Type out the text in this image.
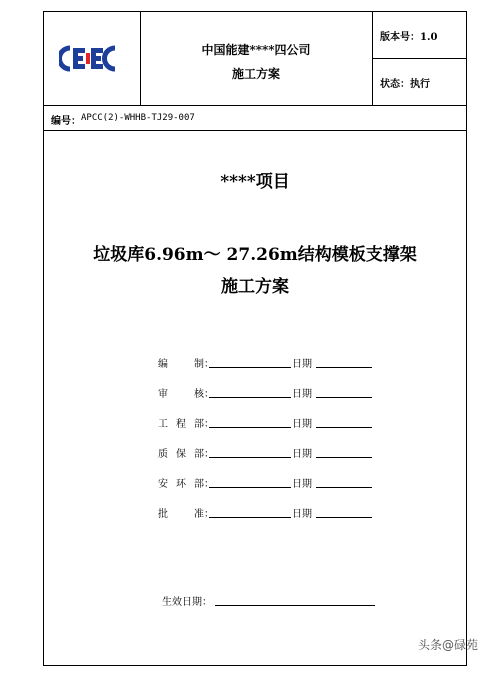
中国能建****四公司
施工方案
版本号：1.0
状态：执行
编号： APCC(2)-WHHB-TJ29-007
****项目
垃圾库6.96m～ 27.26m结构模板支撑架
施工方案
编制 ：	日期
审核 ：	日期
工程部 ：	日期
质保部 ：	日期
安环部 ：	日期
批准 ：	日期
生效日期：
头条@碌苑
